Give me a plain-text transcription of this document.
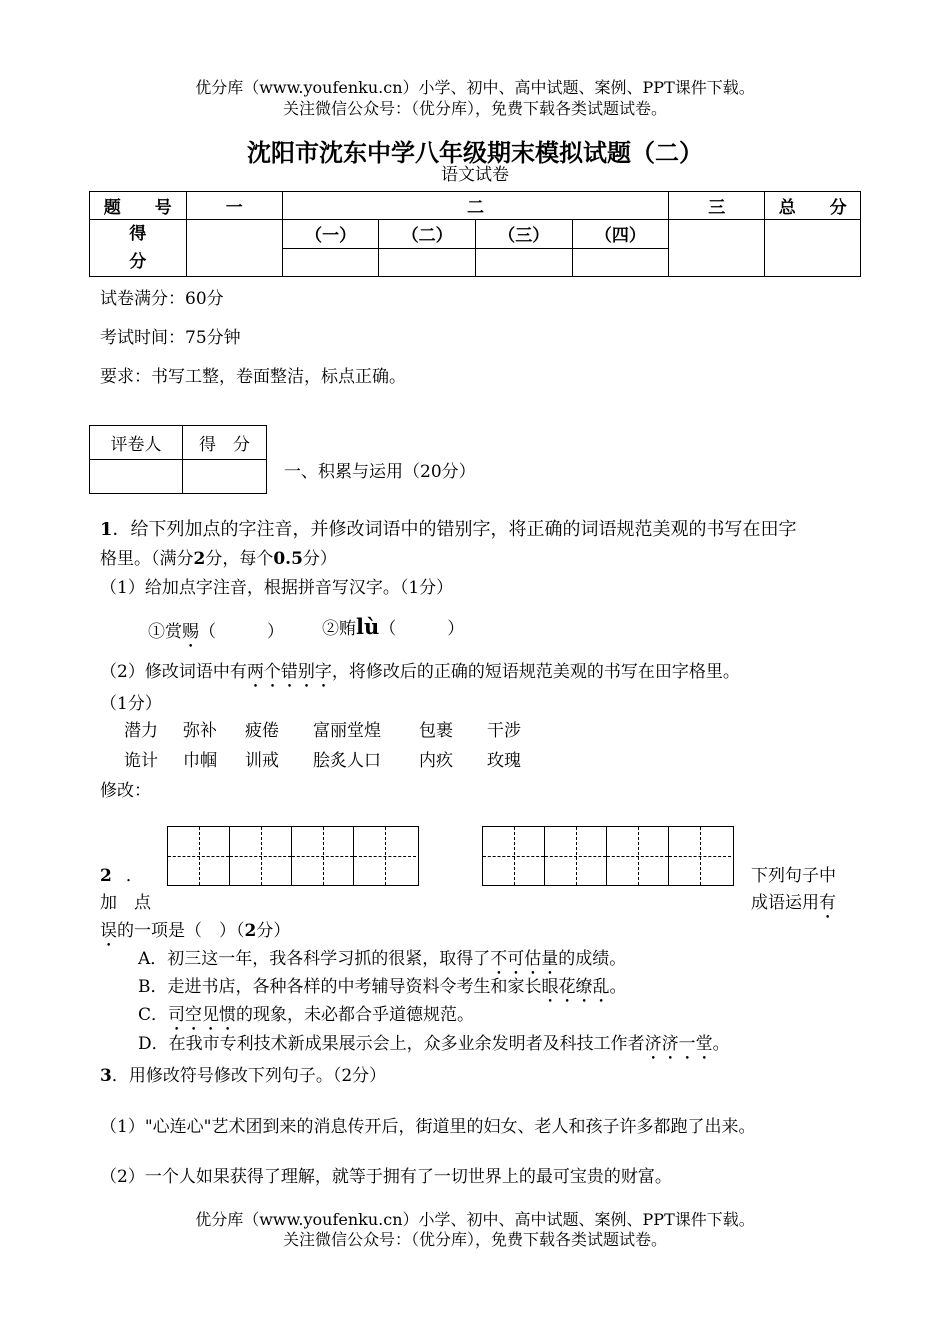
优分库（www.youfenku.cn）小学、初中、高中试题、案例、PPT课件下载。
关注微信公众号：（优分库），免费下载各类试题试卷。
沈阳市沈东中学八年级期末模拟试题（二）
语文试卷
题　　号	一	二				三	总　　分

得
分		（一）	（二）	（三）	（四）		

试卷满分：60分
考试时间：75分钟
要求：书写工整，卷面整洁，标点正确。
评卷人	得　分

一、积累与运用（20分）
1．给下列加点的字注音，并修改词语中的错别字，将正确的词语规范美观的书写在田字
格里。（满分2分，每个0.5分）
（1）给加点字注音，根据拼音写汉字。（1分）
①赏赐（　　　） ②贿lù（　　　）
（2）修改词语中有两个错别字，将修改后的正确的短语规范美观的书写在田字格里。
（1分）
潜力 弥补 疲倦 富丽堂煌 包裹 干涉
诡计 巾帼 训戒 脍炙人口 内疚 玫瑰
修改：
2 ．
加　点
下列句子中
成语运用有
误的一项是（　）（2分）
A．初三这一年，我各科学习抓的很紧，取得了不可估量的成绩。
B．走进书店，各种各样的中考辅导资料令考生和家长眼花缭乱。
C．司空见惯的现象，未必都合乎道德规范。
D．在我市专利技术新成果展示会上，众多业余发明者及科技工作者济济一堂。
3．用修改符号修改下列句子。（2分）
（1）"心连心"艺术团到来的消息传开后，街道里的妇女、老人和孩子许多都跑了出来。
（2）一个人如果获得了理解，就等于拥有了一切世界上的最可宝贵的财富。
优分库（www.youfenku.cn）小学、初中、高中试题、案例、PPT课件下载。
关注微信公众号：（优分库），免费下载各类试题试卷。
